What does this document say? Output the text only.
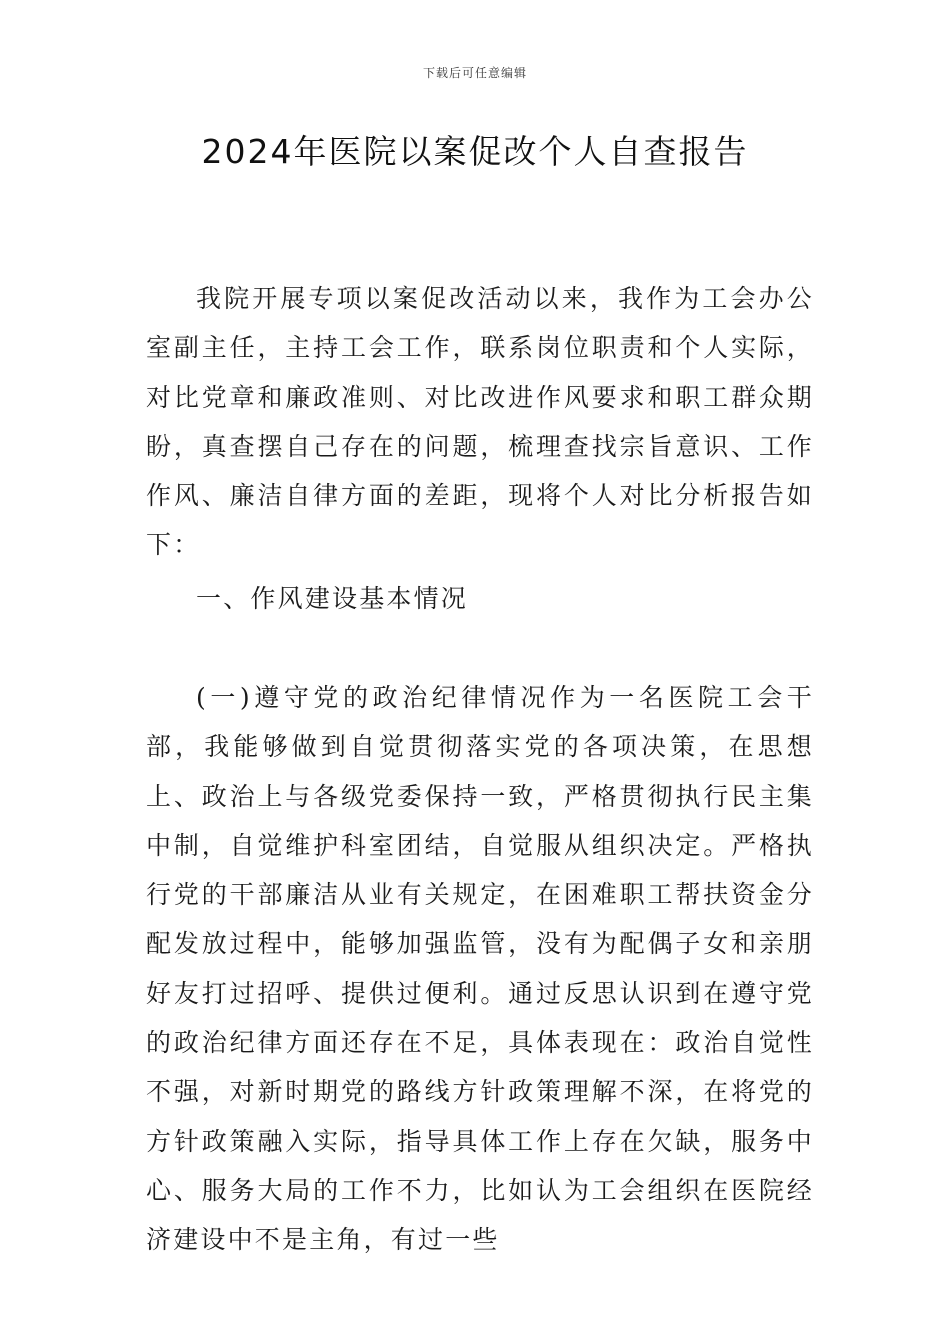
下载后可任意编辑
2024年医院以案促改个人自查报告

我院开展专项以案促改活动以来，我作为工会办公室副主任，主持工会工作，联系岗位职责和个人实际，对比党章和廉政准则、对比改进作风要求和职工群众期盼，真查摆自己存在的问题，梳理查找宗旨意识、工作作风、廉洁自律方面的差距，现将个人对比分析报告如下：

一、作风建设基本情况

(一)遵守党的政治纪律情况作为一名医院工会干部，我能够做到自觉贯彻落实党的各项决策，在思想上、政治上与各级党委保持一致，严格贯彻执行民主集中制，自觉维护科室团结，自觉服从组织决定。严格执行党的干部廉洁从业有关规定，在困难职工帮扶资金分配发放过程中，能够加强监管，没有为配偶子女和亲朋好友打过招呼、提供过便利。通过反思认识到在遵守党的政治纪律方面还存在不足，具体表现在：政治自觉性不强，对新时期党的路线方针政策理解不深，在将党的方针政策融入实际，指导具体工作上存在欠缺，服务中心、服务大局的工作不力，比如认为工会组织在医院经济建设中不是主角，有过一些
